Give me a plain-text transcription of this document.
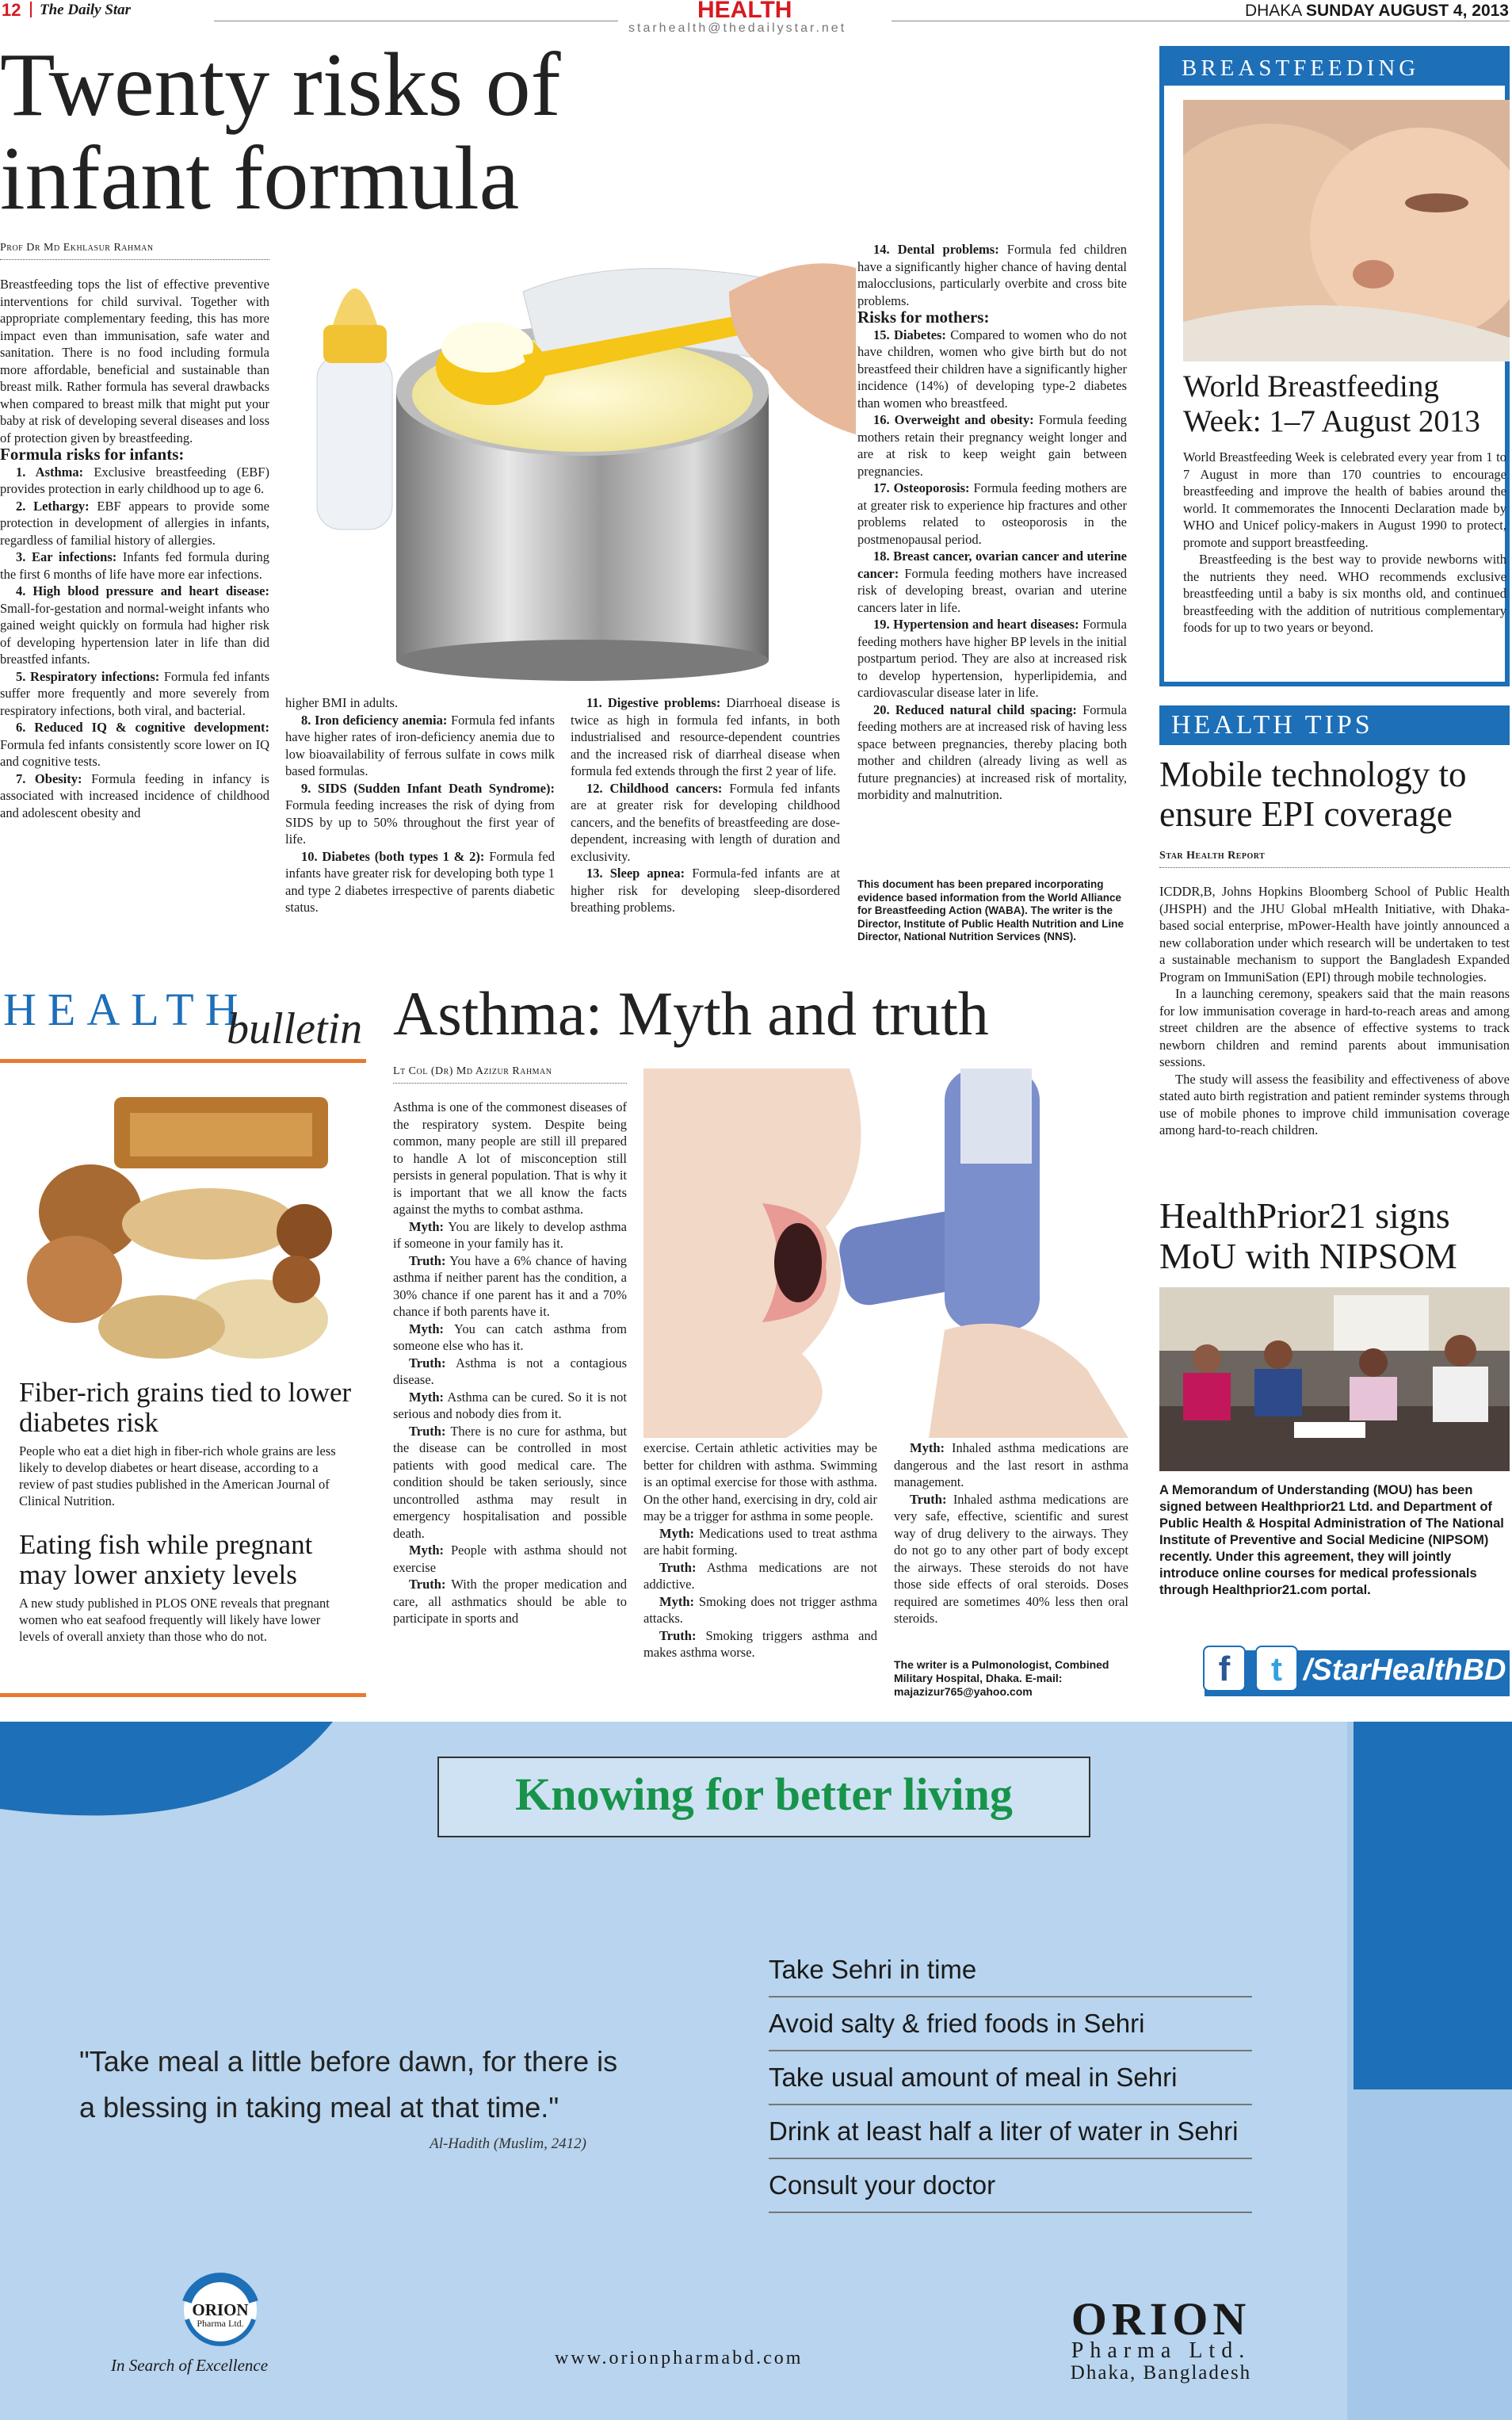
12 The Daily Star	HEALTH
starhealth@thedailystar.net
DHAKA SUNDAY AUGUST 4, 2013
Twenty risks of infant formula
Prof Dr Md Ekhlasur Rahman

Breastfeeding tops the list of effective preventive interventions for child survival. Together with appropriate complementary feeding, this has more impact even than immunisation, safe water and sanitation. There is no food including formula more affordable, beneficial and sustainable than breast milk. Rather formula has several drawbacks when compared to breast milk that might put your baby at risk of developing several diseases and loss of protection given by breastfeeding.

Formula risks for infants:

1. Asthma: Exclusive breastfeeding (EBF) provides protection in early childhood up to age 6.

2. Lethargy: EBF appears to provide some protection in development of allergies in infants, regardless of familial history of allergies.

3. Ear infections: Infants fed formula during the first 6 months of life have more ear infections.

4. High blood pressure and heart disease: Small-for-gestation and normal-weight infants who gained weight quickly on formula had higher risk of developing hypertension later in life than did breastfed infants.

5. Respiratory infections: Formula fed infants suffer more frequently and more severely from respiratory infections, both viral, and bacterial.

6. Reduced IQ & cognitive development: Formula fed infants consistently score lower on IQ and cognitive tests.

7. Obesity: Formula feeding in infancy is associated with increased incidence of childhood and adolescent obesity and

higher BMI in adults.

8. Iron deficiency anemia: Formula fed infants have higher rates of iron-deficiency anemia due to low bioavailability of ferrous sulfate in cows milk based formulas.

9. SIDS (Sudden Infant Death Syndrome): Formula feeding increases the risk of dying from SIDS by up to 50% throughout the first year of life.

10. Diabetes (both types 1 & 2): Formula fed infants have greater risk for developing both type 1 and type 2 diabetes irrespective of parents diabetic status.

11. Digestive problems: Diarrhoeal disease is twice as high in formula fed infants, in both industrialised and resource-dependent countries and the increased risk of diarrheal disease when formula fed extends through the first 2 year of life.

12. Childhood cancers: Formula fed infants are at greater risk for developing childhood cancers, and the benefits of breastfeeding are dose-dependent, increasing with length of duration and exclusivity.

13. Sleep apnea: Formula-fed infants are at higher risk for developing sleep-disordered breathing problems.

14. Dental problems: Formula fed children have a significantly higher chance of having dental malocclusions, particularly overbite and cross bite problems.

Risks for mothers:

15. Diabetes: Compared to women who do not have children, women who give birth but do not breastfeed their children have a significantly higher incidence (14%) of developing type-2 diabetes than women who breastfeed.

16. Overweight and obesity: Formula feeding mothers retain their pregnancy weight longer and are at risk to keep weight gain between pregnancies.

17. Osteoporosis: Formula feeding mothers are at greater risk to experience hip fractures and other problems related to osteoporosis in the postmenopausal period.

18. Breast cancer, ovarian cancer and uterine cancer: Formula feeding mothers have increased risk of developing breast, ovarian and uterine cancers later in life.

19. Hypertension and heart diseases: Formula feeding mothers have higher BP levels in the initial postpartum period. They are also at increased risk to develop hypertension, hyperlipidemia, and cardiovascular disease later in life.

20. Reduced natural child spacing: Formula feeding mothers are at increased risk of having less space between pregnancies, thereby placing both mother and children (already living as well as future pregnancies) at increased risk of mortality, morbidity and malnutrition.

This document has been prepared incorporating evidence based information from the World Alliance for Breastfeeding Action (WABA). The writer is the Director, Institute of Public Health Nutrition and Line Director, National Nutrition Services (NNS).
BREASTFEEDING
World Breastfeeding Week: 1–7 August 2013

World Breastfeeding Week is celebrated every year from 1 to 7 August in more than 170 countries to encourage breastfeeding and improve the health of babies around the world. It commemorates the Innocenti Declaration made by WHO and Unicef policy-makers in August 1990 to protect, promote and support breastfeeding.

Breastfeeding is the best way to provide newborns with the nutrients they need. WHO recommends exclusive breastfeeding until a baby is six months old, and continued breastfeeding with the addition of nutritious complementary foods for up to two years or beyond.

HEALTH TIPS
Mobile technology to ensure EPI coverage
Star Health Report

ICDDR,B, Johns Hopkins Bloomberg School of Public Health (JHSPH) and the JHU Global mHealth Initiative, with Dhaka-based social enterprise, mPower-Health have jointly announced a new collaboration under which research will be undertaken to test a sustainable mechanism to support the Bangladesh Expanded Program on ImmuniSation (EPI) through mobile technologies.

In a launching ceremony, speakers said that the main reasons for low immunisation coverage in hard-to-reach areas and among street children are the absence of effective systems to track newborn children and remind parents about immunisation sessions.

The study will assess the feasibility and effectiveness of above stated auto birth registration and patient reminder systems through use of mobile phones to improve child immunisation coverage among hard-to-reach children.

HealthPrior21 signs MoU with NIPSOM
A Memorandum of Understanding (MOU) has been signed between Healthprior21 Ltd. and Department of Public Health & Hospital Administration of The National Institute of Preventive and Social Medicine (NIPSOM) recently. Under this agreement, they will jointly introduce online courses for medical professionals through Healthprior21.com portal.
f	t /StarHealthBD
HEALTH
bulletin
Fiber-rich grains tied to lower diabetes risk
People who eat a diet high in fiber-rich whole grains are less likely to develop diabetes or heart disease, according to a review of past studies published in the American Journal of Clinical Nutrition.
Eating fish while pregnant may lower anxiety levels
A new study published in PLOS ONE reveals that pregnant women who eat seafood frequently will likely have lower levels of overall anxiety than those who do not.
Asthma: Myth and truth
Lt Col (Dr) Md Azizur Rahman

Asthma is one of the commonest diseases of the respiratory system. Despite being common, many people are still ill prepared to handle A lot of misconception still persists in general population. That is why it is important that we all know the facts against the myths to combat asthma.

Myth: You are likely to develop asthma if someone in your family has it.

Truth: You have a 6% chance of having asthma if neither parent has the condition, a 30% chance if one parent has it and a 70% chance if both parents have it.

Myth: You can catch asthma from someone else who has it.

Truth: Asthma is not a contagious disease.

Myth: Asthma can be cured. So it is not serious and nobody dies from it.

Truth: There is no cure for asthma, but the disease can be controlled in most patients with good medical care. The condition should be taken seriously, since uncontrolled asthma may result in emergency hospitalisation and possible death.

Myth: People with asthma should not exercise

Truth: With the proper medication and care, all asthmatics should be able to participate in sports and

exercise. Certain athletic activities may be better for children with asthma. Swimming is an optimal exercise for those with asthma. On the other hand, exercising in dry, cold air may be a trigger for asthma in some people.

Myth: Medications used to treat asthma are habit forming.

Truth: Asthma medications are not addictive.

Myth: Smoking does not trigger asthma attacks.

Truth: Smoking triggers asthma and makes asthma worse.

Myth: Inhaled asthma medications are dangerous and the last resort in asthma management.

Truth: Inhaled asthma medications are very safe, effective, scientific and surest way of drug delivery to the airways. They do not go to any other part of body except the airways. These steroids do not have those side effects of oral steroids. Doses required are sometimes 40% less then oral steroids.

The writer is a Pulmonologist, Combined Military Hospital, Dhaka. E-mail: majazizur765@yahoo.com
Knowing for better living
"Take meal a little before dawn, for there is a blessing in taking meal at that time."
Al-Hadith (Muslim, 2412)
Take Sehri in time
Avoid salty & fried foods in Sehri
Take usual amount of meal in Sehri
Drink at least half a liter of water in Sehri
Consult your doctor
ORION
Pharma Ltd.
In Search of Excellence	www.orionpharmabd.com
ORION
Pharma Ltd.
Dhaka, Bangladesh
